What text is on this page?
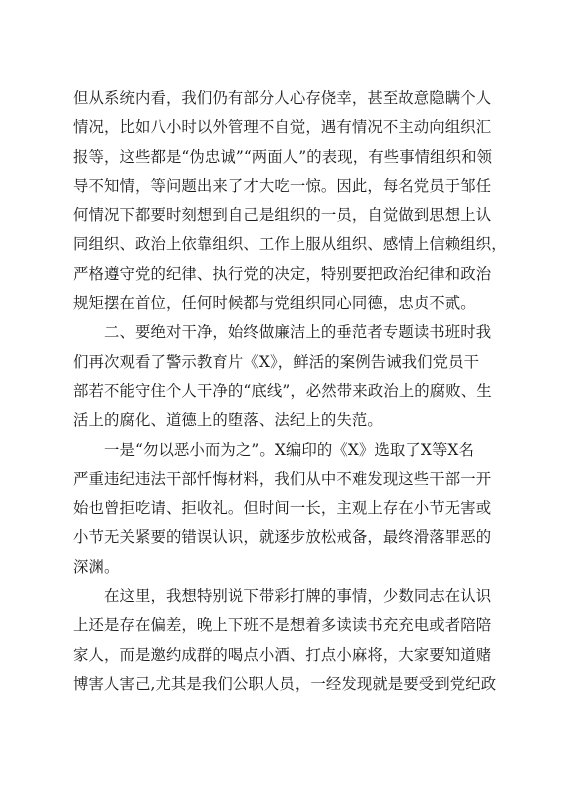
但从系统内看，我们仍有部分人心存侥幸，甚至故意隐瞒个人
情况，比如八小时以外管理不自觉，遇有情况不主动向组织汇
报等，这些都是“伪忠诚”“两面人”的表现，有些事情组织和领
导不知情，等问题出来了才大吃一惊。因此，每名党员于邹任
何情况下都要时刻想到自己是组织的一员，自觉做到思想上认
同组织、政治上依靠组织、工作上服从组织、感情上信赖组织，
严格遵守党的纪律、执行党的决定，特别要把政治纪律和政治
规矩摆在首位，任何时候都与党组织同心同德，忠贞不贰。
二、要绝对干净，始终做廉洁上的垂范者专题读书班时我
们再次观看了警示教育片《X》，鲜活的案例告诫我们党员干
部若不能守住个人干净的“底线”，必然带来政治上的腐败、生
活上的腐化、道德上的堕落、法纪上的失范。
一是“勿以恶小而为之”。X编印的《X》选取了X等X名
严重违纪违法干部忏悔材料，我们从中不难发现这些干部一开
始也曾拒吃请、拒收礼。但时间一长，主观上存在小节无害或
小节无关紧要的错误认识，就逐步放松戒备，最终滑落罪恶的
深渊。
在这里，我想特别说下带彩打牌的事情，少数同志在认识
上还是存在偏差，晚上下班不是想着多读读书充充电或者陪陪
家人，而是邀约成群的喝点小酒、打点小麻将，大家要知道赌
博害人害己,尤其是我们公职人员，一经发现就是要受到党纪政
